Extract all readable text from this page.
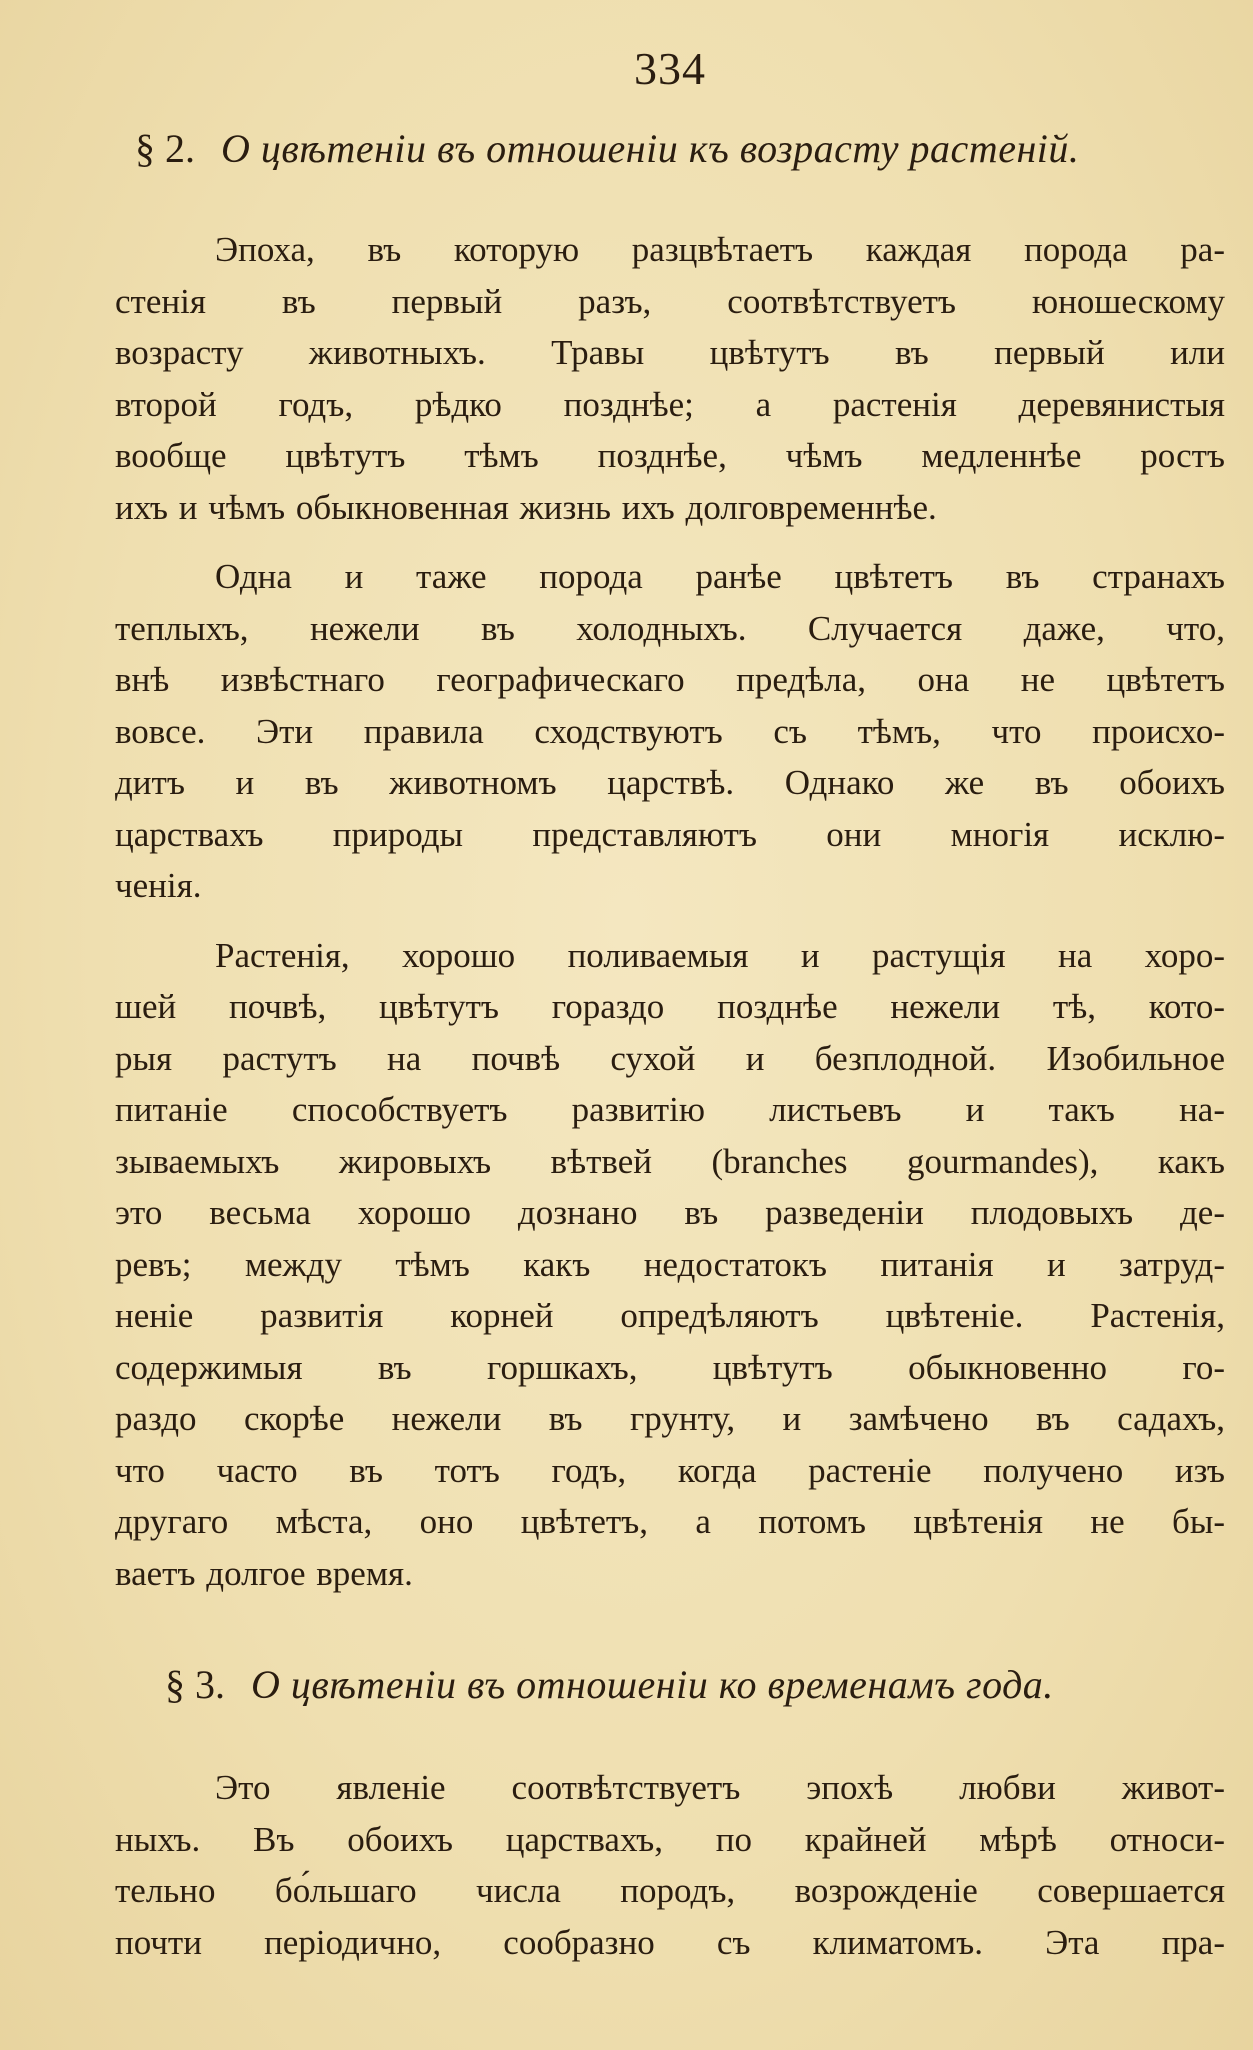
334
§ 2. О цвѣтеніи въ отношеніи къ возрасту растеній.
Эпоха, въ которую разцвѣтаетъ каждая порода ра-
стенія въ первый разъ, соотвѣтствуетъ юношескому
возрасту животныхъ. Травы цвѣтутъ въ первый или
второй годъ, рѣдко позднѣе; а растенія деревянистыя
вообще цвѣтутъ тѣмъ позднѣе, чѣмъ медленнѣе ростъ
ихъ и чѣмъ обыкновенная жизнь ихъ долговременнѣе.
Одна и таже порода ранѣе цвѣтетъ въ странахъ
теплыхъ, нежели въ холодныхъ. Случается даже, что,
внѣ извѣстнаго географическаго предѣла, она не цвѣтетъ
вовсе. Эти правила сходствуютъ съ тѣмъ, что происхо-
дитъ и въ животномъ царствѣ. Однако же въ обоихъ
царствахъ природы представляютъ они многія исклю-
ченія.
Растенія, хорошо поливаемыя и растущія на хоро-
шей почвѣ, цвѣтутъ гораздо позднѣе нежели тѣ, кото-
рыя растутъ на почвѣ сухой и безплодной. Изобильное
питаніе способствуетъ развитію листьевъ и такъ на-
зываемыхъ жировыхъ вѣтвей (branches gourmandes), какъ
это весьма хорошо дознано въ разведеніи плодовыхъ де-
ревъ; между тѣмъ какъ недостатокъ питанія и затруд-
неніе развитія корней опредѣляютъ цвѣтеніе. Растенія,
содержимыя въ горшкахъ, цвѣтутъ обыкновенно го-
раздо скорѣе нежели въ грунту, и замѣчено въ садахъ,
что часто въ тотъ годъ, когда растеніе получено изъ
другаго мѣста, оно цвѣтетъ, а потомъ цвѣтенія не бы-
ваетъ долгое время.
§ 3. О цвѣтеніи въ отношеніи ко временамъ года.
Это явленіе соотвѣтствуетъ эпохѣ любви живот-
ныхъ. Въ обоихъ царствахъ, по крайней мѣрѣ относи-
тельно бо́льшаго числа породъ, возрожденіе совершается
почти періодично, сообразно съ климатомъ. Эта пра-
